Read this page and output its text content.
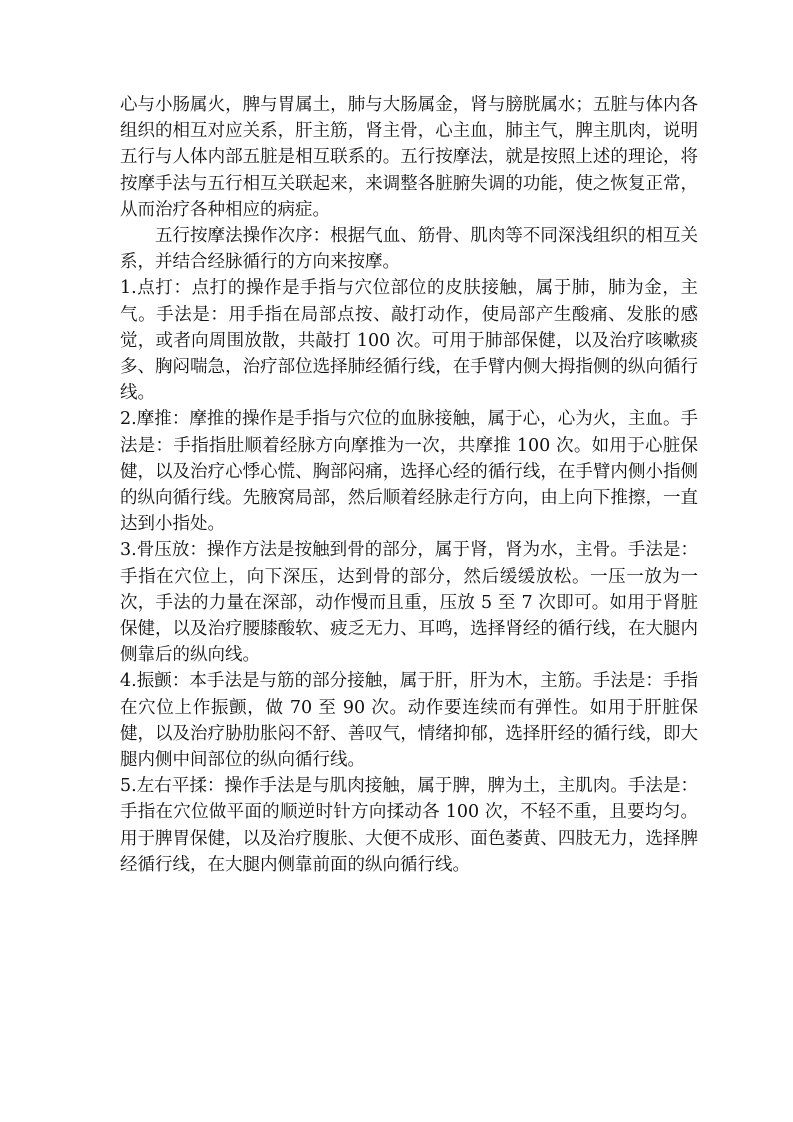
心与小肠属火，脾与胃属土，肺与大肠属金，肾与膀胱属水；五脏与体内各组织的相互对应关系，肝主筋，肾主骨，心主血，肺主气，脾主肌肉，说明五行与人体内部五脏是相互联系的。五行按摩法，就是按照上述的理论，将按摩手法与五行相互关联起来，来调整各脏腑失调的功能，使之恢复正常，从而治疗各种相应的病症。

五行按摩法操作次序：根据气血、筋骨、肌肉等不同深浅组织的相互关系，并结合经脉循行的方向来按摩。

1.点打：点打的操作是手指与穴位部位的皮肤接触，属于肺，肺为金，主气。手法是：用手指在局部点按、敲打动作，使局部产生酸痛、发胀的感觉，或者向周围放散，共敲打 100 次。可用于肺部保健，以及治疗咳嗽痰多、胸闷喘急，治疗部位选择肺经循行线，在手臂内侧大拇指侧的纵向循行线。

2.摩推：摩推的操作是手指与穴位的血脉接触，属于心，心为火，主血。手法是：手指指肚顺着经脉方向摩推为一次，共摩推 100 次。如用于心脏保健，以及治疗心悸心慌、胸部闷痛，选择心经的循行线，在手臂内侧小指侧的纵向循行线。先腋窝局部，然后顺着经脉走行方向，由上向下推擦，一直达到小指处。

3.骨压放：操作方法是按触到骨的部分，属于肾，肾为水，主骨。手法是：手指在穴位上，向下深压，达到骨的部分，然后缓缓放松。一压一放为一次，手法的力量在深部，动作慢而且重，压放 5 至 7 次即可。如用于肾脏保健，以及治疗腰膝酸软、疲乏无力、耳鸣，选择肾经的循行线，在大腿内侧靠后的纵向线。

4.振颤：本手法是与筋的部分接触，属于肝，肝为木，主筋。手法是：手指在穴位上作振颤，做 70 至 90 次。动作要连续而有弹性。如用于肝脏保健，以及治疗胁肋胀闷不舒、善叹气，情绪抑郁，选择肝经的循行线，即大腿内侧中间部位的纵向循行线。

5.左右平揉：操作手法是与肌肉接触，属于脾，脾为土，主肌肉。手法是：手指在穴位做平面的顺逆时针方向揉动各 100 次，不轻不重，且要均匀。用于脾胃保健，以及治疗腹胀、大便不成形、面色萎黄、四肢无力，选择脾经循行线，在大腿内侧靠前面的纵向循行线。
